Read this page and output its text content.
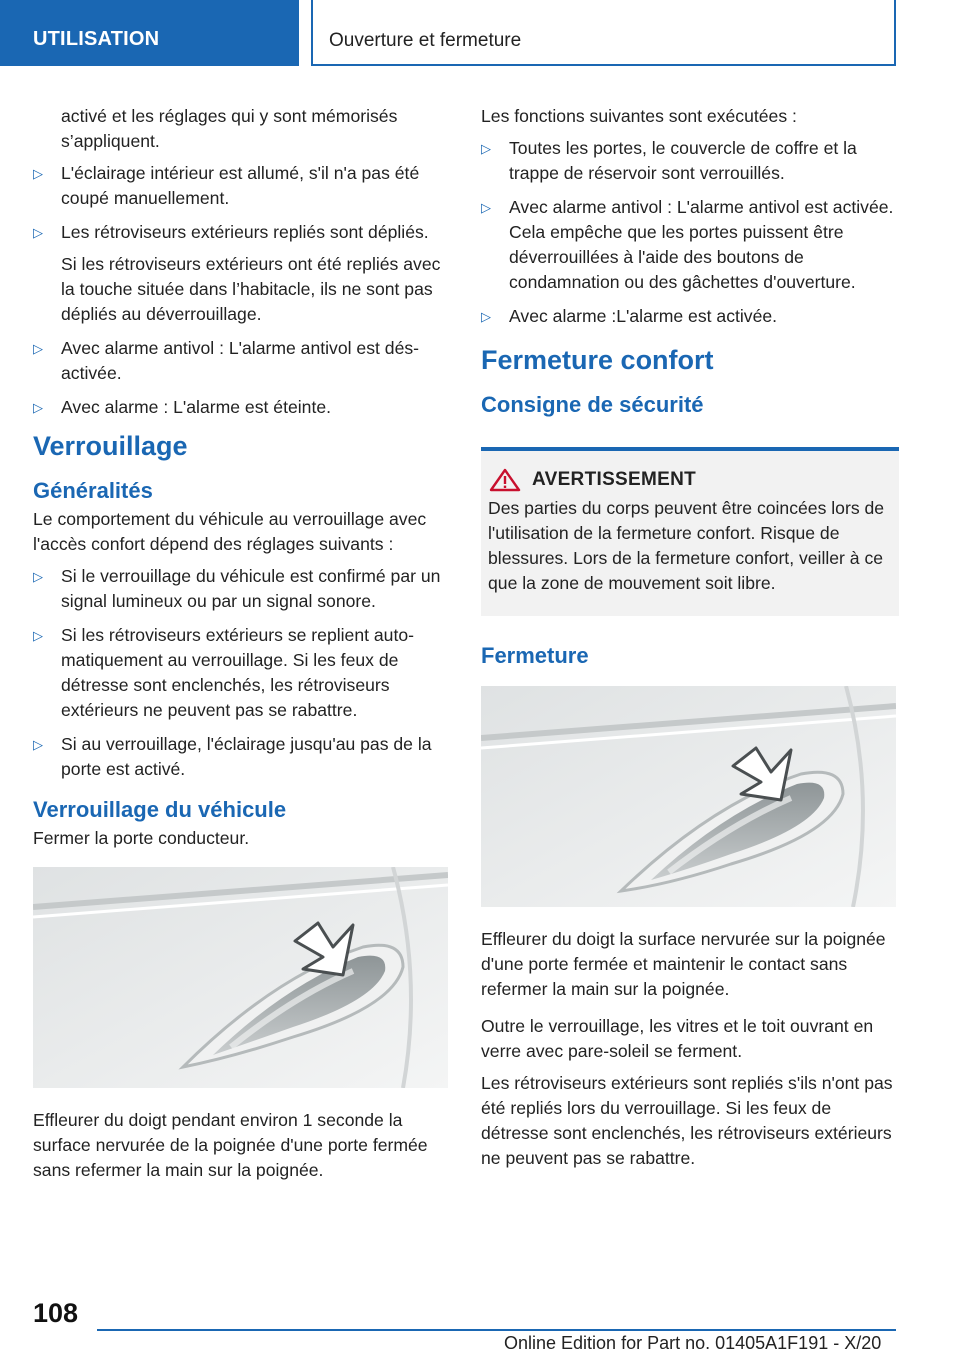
UTILISATION	Ouverture et fermeture

activé et les réglages qui y sont mémorisés s’appliquent.

▷ L'éclairage intérieur est allumé, s'il n'a pas été coupé manuellement.
▷ Les rétroviseurs extérieurs repliés sont dépliés.
Si les rétroviseurs extérieurs ont été repliés avec la touche située dans l’habitacle, ils ne sont pas dépliés au déverrouillage.
▷ Avec alarme antivol : L'alarme antivol est désactivée.
▷ Avec alarme : L'alarme est éteinte.
Verrouillage
Généralités

Le comportement du véhicule au verrouillage avec l'accès confort dépend des réglages suivants :

▷ Si le verrouillage du véhicule est confirmé par un signal lumineux ou par un signal sonore.
▷ Si les rétroviseurs extérieurs se replient automatiquement au verrouillage. Si les feux de détresse sont enclenchés, les rétroviseurs extérieurs ne peuvent pas se rabattre.
▷ Si au verrouillage, l'éclairage jusqu'au pas de la porte est activé.
Verrouillage du véhicule

Fermer la porte conducteur.

Effleurer du doigt pendant environ 1 seconde la surface nervurée de la poignée d'une porte fermée sans refermer la main sur la poignée.

Les fonctions suivantes sont exécutées :

▷ Toutes les portes, le couvercle de coffre et la trappe de réservoir sont verrouillés.
▷ Avec alarme antivol : L'alarme antivol est activée. Cela empêche que les portes puissent être déverrouillées à l'aide des boutons de condamnation ou des gâchettes d'ouverture.
▷ Avec alarme :L'alarme est activée.
Fermeture confort
Consigne de sécurité
AVERTISSEMENT

Des parties du corps peuvent être coincées lors de l'utilisation de la fermeture confort. Risque de blessures. Lors de la fermeture confort, veiller à ce que la zone de mouvement soit libre.

Fermeture

Effleurer du doigt la surface nervurée sur la poignée d'une porte fermée et maintenir le contact sans refermer la main sur la poignée.

Outre le verrouillage, les vitres et le toit ouvrant en verre avec pare-soleil se ferment.

Les rétroviseurs extérieurs sont repliés s'ils n'ont pas été repliés lors du verrouillage. Si les feux de détresse sont enclenchés, les rétroviseurs extérieurs ne peuvent pas se rabattre.

108
Online Edition for Part no. 01405A1F191 - X/20
